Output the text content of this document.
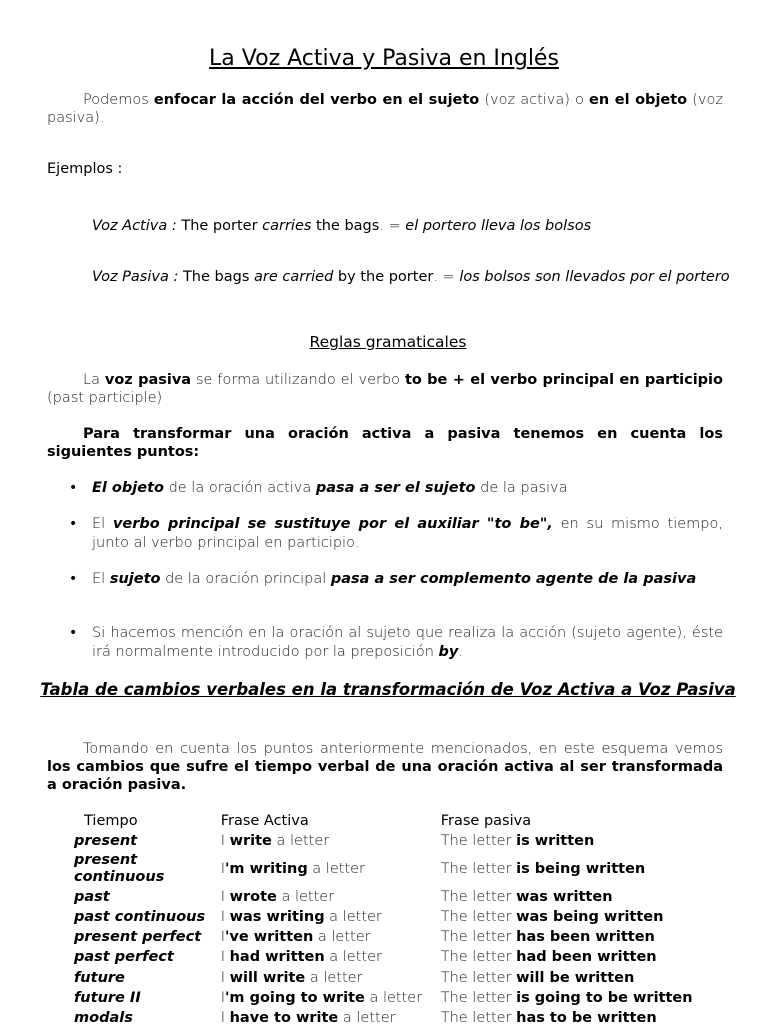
La Voz Activa y Pasiva en Inglés
Podemos enfocar la acción del verbo en el sujeto (voz activa) o en el objeto (voz pasiva).
Ejemplos :
Voz Activa : The porter carries the bags. = el portero lleva los bolsos
Voz Pasiva : The bags are carried by the porter. = los bolsos son llevados por el portero
Reglas gramaticales
La voz pasiva se forma utilizando el verbo to be + el verbo principal en participio (past participle)
Para transformar una oración activa a pasiva tenemos en cuenta los siguientes puntos:
• El objeto de la oración activa pasa a ser el sujeto de la pasiva
• El verbo principal se sustituye por el auxiliar "to be", en su mismo tiempo, junto al verbo principal en participio.
• El sujeto de la oración principal pasa a ser complemento agente de la pasiva
• Si hacemos mención en la oración al sujeto que realiza la acción (sujeto agente), éste irá normalmente introducido por la preposición by.
Tabla de cambios verbales en la transformación de Voz Activa a Voz Pasiva
Tomando en cuenta los puntos anteriormente mencionados, en este esquema vemos los cambios que sufre el tiempo verbal de una oración activa al ser transformada a oración pasiva.
Tiempo	Frase Activa	Frase pasiva
present	I write a letter	The letter is written
present continuous	I'm writing a letter	The letter is being written
past	I wrote a letter	The letter was written
past continuous	I was writing a letter	The letter was being written
present perfect	I've written a letter	The letter has been written
past perfect	I had written a letter	The letter had been written
future	I will write a letter	The letter will be written
future II	I'm going to write a letter	The letter is going to be written
modals	I have to write a letter	The letter has to be written
